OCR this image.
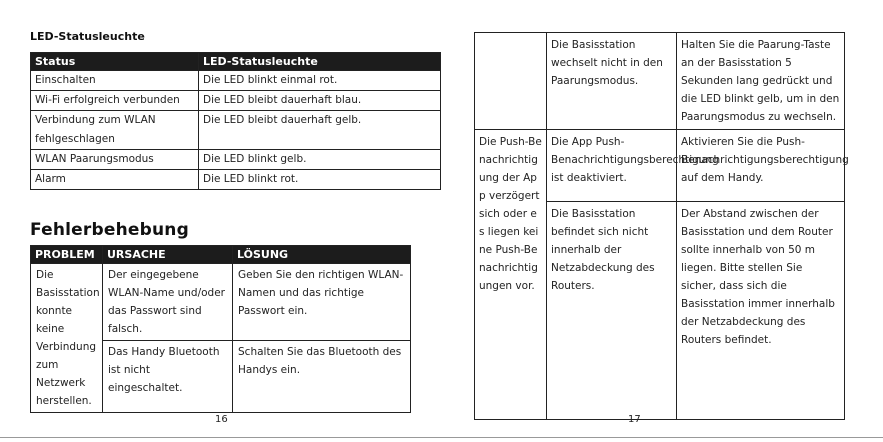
LED-Statusleuchte
Status	LED-Statusleuchte
Einschalten	Die LED blinkt einmal rot.
Wi-Fi erfolgreich verbunden	Die LED bleibt dauerhaft blau.
Verbindung zum WLAN fehlgeschlagen	Die LED bleibt dauerhaft gelb.
WLAN Paarungsmodus	Die LED blinkt gelb.
Alarm	Die LED blinkt rot.
Fehlerbehebung
PROBLEM	URSACHE	LÖSUNG
Die Basisstation konnte keine Verbindung zum Netzwerk herstellen.	Der eingegebene WLAN-Name und/oder das Passwort sind falsch.	Geben Sie den richtigen WLAN-Namen und das richtige Passwort ein.
	Das Handy Bluetooth ist nicht eingeschaltet.	Schalten Sie das Bluetooth des Handys ein.
16
	Die Basisstation wechselt nicht in den Paarungsmodus.	Halten Sie die Paarung-Taste an der Basisstation 5 Sekunden lang gedrückt und die LED blinkt gelb, um in den Paarungsmodus zu wechseln.
Die Push-Benachrichtigung der App verzögert sich oder es liegen keine Push-Benachrichtigungen vor.	Die App Push-Benachrichtigungsberechtigung ist deaktiviert.	Aktivieren Sie die Push-Benachrichtigungsberechtigung auf dem Handy.
	Die Basisstation befindet sich nicht innerhalb der Netzabdeckung des Routers.	Der Abstand zwischen der Basisstation und dem Router sollte innerhalb von 50 m liegen. Bitte stellen Sie sicher, dass sich die Basisstation immer innerhalb der Netzabdeckung des Routers befindet.
17
